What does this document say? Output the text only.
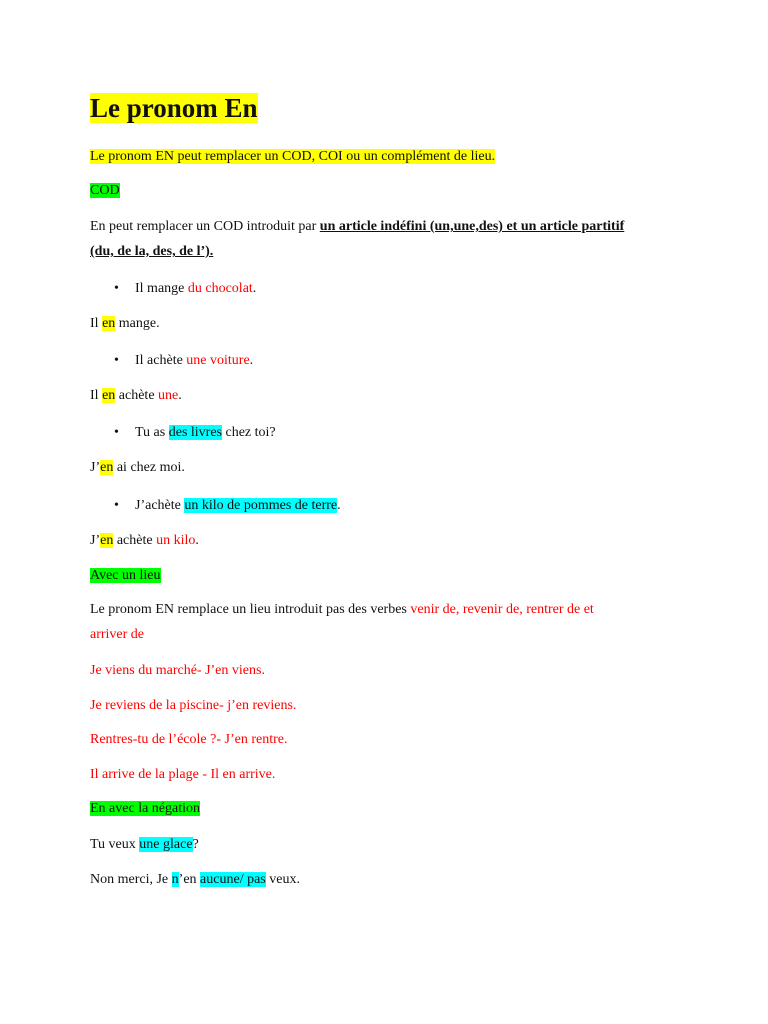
Le pronom En
Le pronom EN peut remplacer un COD, COI ou un complément de lieu.
COD
En peut remplacer un COD introduit par un article indéfini (un,une,des) et un article partitif
(du, de la, des, de l’).
• Il mange du chocolat.
Il en mange.
• Il achète une voiture.
Il en achète une.
• Tu as des livres chez toi?
J’en ai chez moi.
• J’achète un kilo de pommes de terre.
J’en achète un kilo.
Avec un lieu
Le pronom EN remplace un lieu introduit pas des verbes venir de, revenir de, rentrer de et
arriver de
Je viens du marché- J’en viens.
Je reviens de la piscine- j’en reviens.
Rentres-tu de l’école ?- J’en rentre.
Il arrive de la plage - Il en arrive.
En avec la négation
Tu veux une glace?
Non merci, Je n’en aucune/ pas veux.
